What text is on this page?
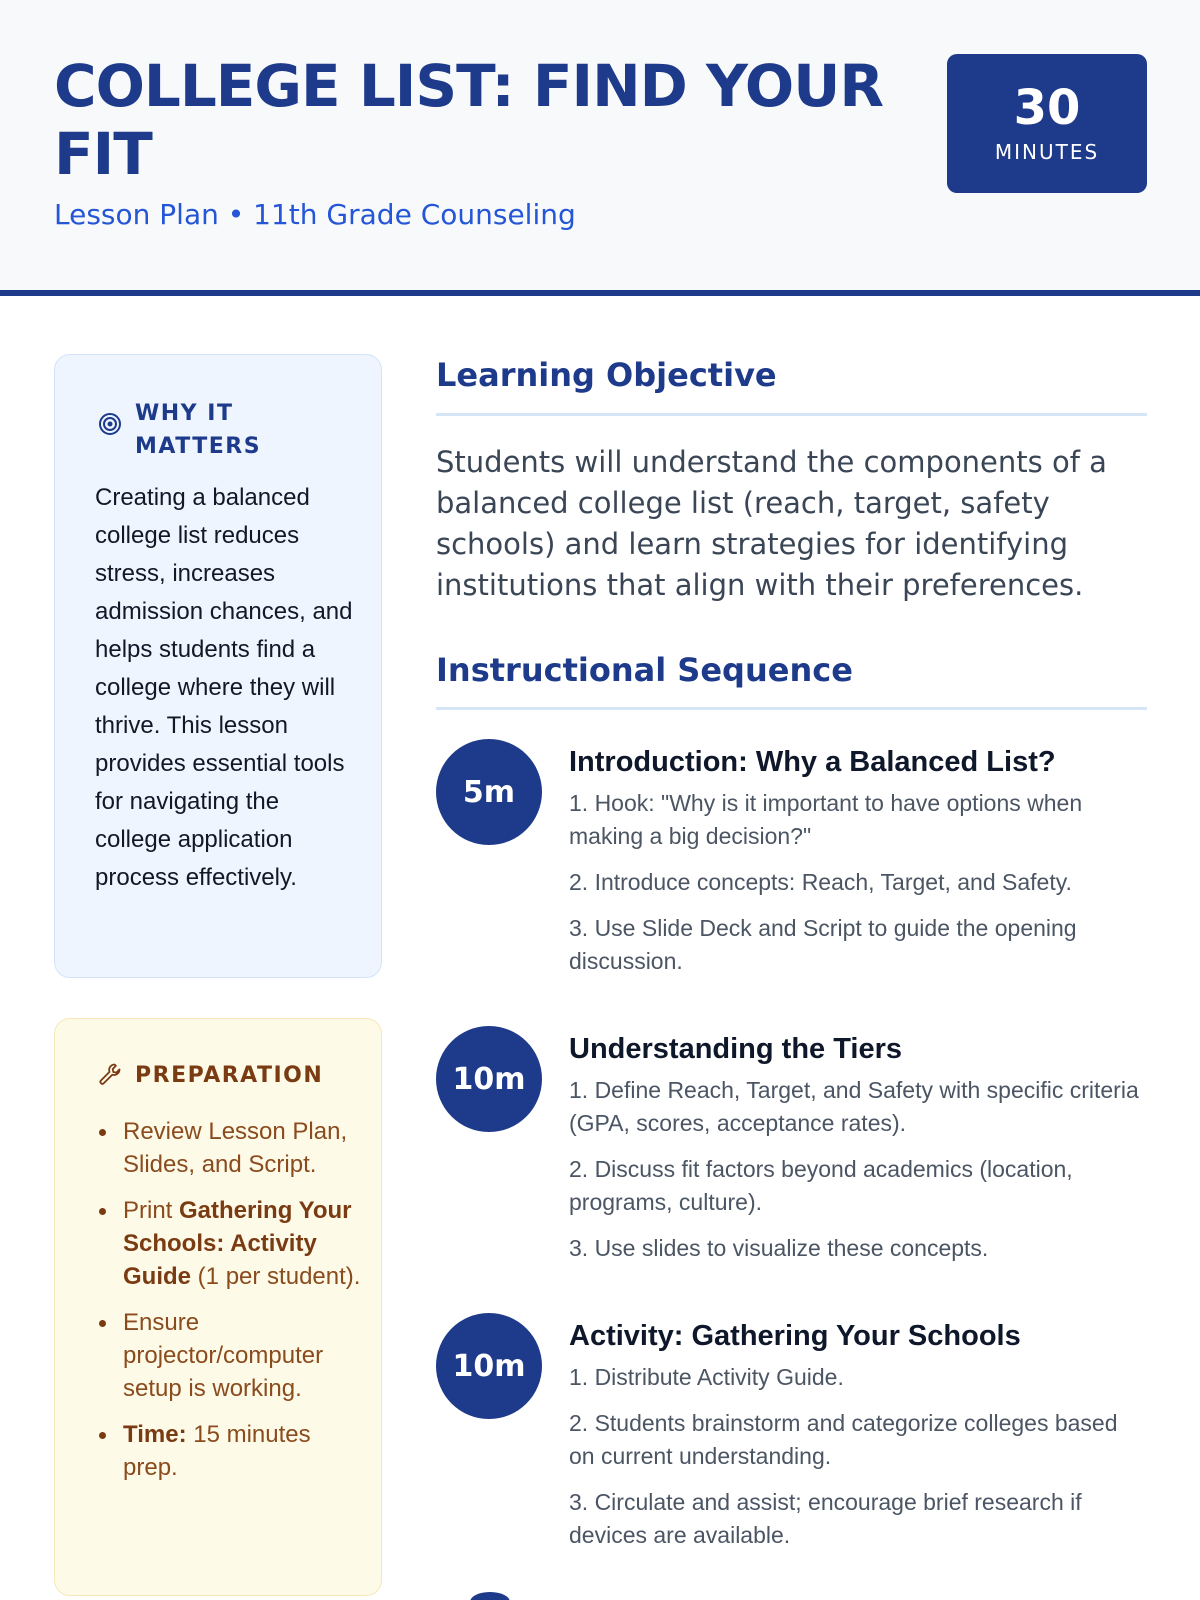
COLLEGE LIST: FIND YOUR FIT
Lesson Plan • 11th Grade Counseling
30
MINUTES
WHY IT MATTERS

Creating a balanced college list reduces stress, increases admission chances, and helps students find a college where they will thrive. This lesson provides essential tools for navigating the college application process effectively.

PREPARATION
Review Lesson Plan, Slides, and Script.
Print Gathering Your Schools: Activity Guide (1 per student).
Ensure projector/computer setup is working.
Time: 15 minutes prep.
Learning Objective

Students will understand the components of a balanced college list (reach, target, safety schools) and learn strategies for identifying institutions that align with their preferences.

Instructional Sequence
5m
Introduction: Why a Balanced List?

1. Hook: "Why is it important to have options when making a big decision?"

2. Introduce concepts: Reach, Target, and Safety.

3. Use Slide Deck and Script to guide the opening discussion.

10m
Understanding the Tiers

1. Define Reach, Target, and Safety with specific criteria (GPA, scores, acceptance rates).

2. Discuss fit factors beyond academics (location, programs, culture).

3. Use slides to visualize these concepts.

10m
Activity: Gathering Your Schools

1. Distribute Activity Guide.

2. Students brainstorm and categorize colleges based on current understanding.

3. Circulate and assist; encourage brief research if devices are available.
